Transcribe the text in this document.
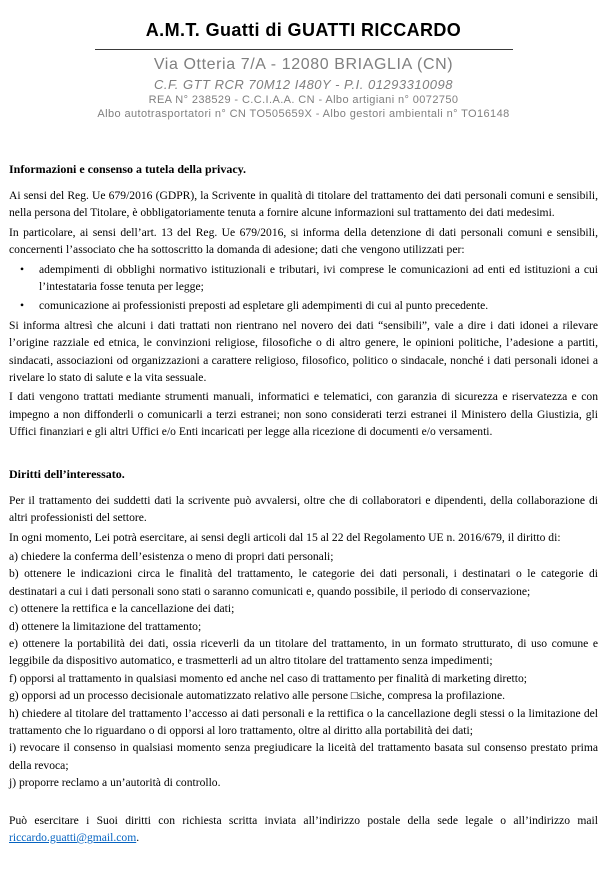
A.M.T. Guatti di GUATTI RICCARDO
Via Otteria 7/A - 12080 BRIAGLIA (CN)
C.F. GTT RCR 70M12 I480Y - P.I. 01293310098
REA N° 238529 - C.C.I.A.A. CN - Albo artigiani n° 0072750
Albo autotrasportatori n° CN TO505659X - Albo gestori ambientali n° TO16148
Informazioni e consenso a tutela della privacy.

Ai sensi del Reg. Ue 679/2016 (GDPR), la Scrivente in qualità di titolare del trattamento dei dati personali comuni e sensibili, nella persona del Titolare, è obbligatoriamente tenuta a fornire alcune informazioni sul trattamento dei dati medesimi.

In particolare, ai sensi dell’art. 13 del Reg. Ue 679/2016, si informa della detenzione di dati personali comuni e sensibili, concernenti l’associato che ha sottoscritto la domanda di adesione; dati che vengono utilizzati per:

• adempimenti di obblighi normativo istituzionali e tributari, ivi comprese le comunicazioni ad enti ed istituzioni a cui l’intestataria fosse tenuta per legge;
• comunicazione ai professionisti preposti ad espletare gli adempimenti di cui al punto precedente.

Si informa altresì che alcuni i dati trattati non rientrano nel novero dei dati “sensibili”, vale a dire i dati idonei a rilevare l’origine razziale ed etnica, le convinzioni religiose, filosofiche o di altro genere, le opinioni politiche, l’adesione a partiti, sindacati, associazioni od organizzazioni a carattere religioso, filosofico, politico o sindacale, nonché i dati personali idonei a rivelare lo stato di salute e la vita sessuale.

I dati vengono trattati mediante strumenti manuali, informatici e telematici, con garanzia di sicurezza e riservatezza e con impegno a non diffonderli o comunicarli a terzi estranei; non sono considerati terzi estranei il Ministero della Giustizia, gli Uffici finanziari e gli altri Uffici e/o Enti incaricati per legge alla ricezione di documenti e/o versamenti.

Diritti dell’interessato.

Per il trattamento dei suddetti dati la scrivente può avvalersi, oltre che di collaboratori e dipendenti, della collaborazione di altri professionisti del settore.

In ogni momento, Lei potrà esercitare, ai sensi degli articoli dal 15 al 22 del Regolamento UE n. 2016/679, il diritto di:

a) chiedere la conferma dell’esistenza o meno di propri dati personali;

b) ottenere le indicazioni circa le finalità del trattamento, le categorie dei dati personali, i destinatari o le categorie di destinatari a cui i dati personali sono stati o saranno comunicati e, quando possibile, il periodo di conservazione;

c) ottenere la rettifica e la cancellazione dei dati;

d) ottenere la limitazione del trattamento;

e) ottenere la portabilità dei dati, ossia riceverli da un titolare del trattamento, in un formato strutturato, di uso comune e leggibile da dispositivo automatico, e trasmetterli ad un altro titolare del trattamento senza impedimenti;

f) opporsi al trattamento in qualsiasi momento ed anche nel caso di trattamento per finalità di marketing diretto;

g) opporsi ad un processo decisionale automatizzato relativo alle persone □siche, compresa la profilazione.

h) chiedere al titolare del trattamento l’accesso ai dati personali e la rettifica o la cancellazione degli stessi o la limitazione del trattamento che lo riguardano o di opporsi al loro trattamento, oltre al diritto alla portabilità dei dati;

i) revocare il consenso in qualsiasi momento senza pregiudicare la liceità del trattamento basata sul consenso prestato prima della revoca;

j) proporre reclamo a un’autorità di controllo.

Può esercitare i Suoi diritti con richiesta scritta inviata all’indirizzo postale della sede legale o all’indirizzo mail

riccardo.guatti@gmail.com.
